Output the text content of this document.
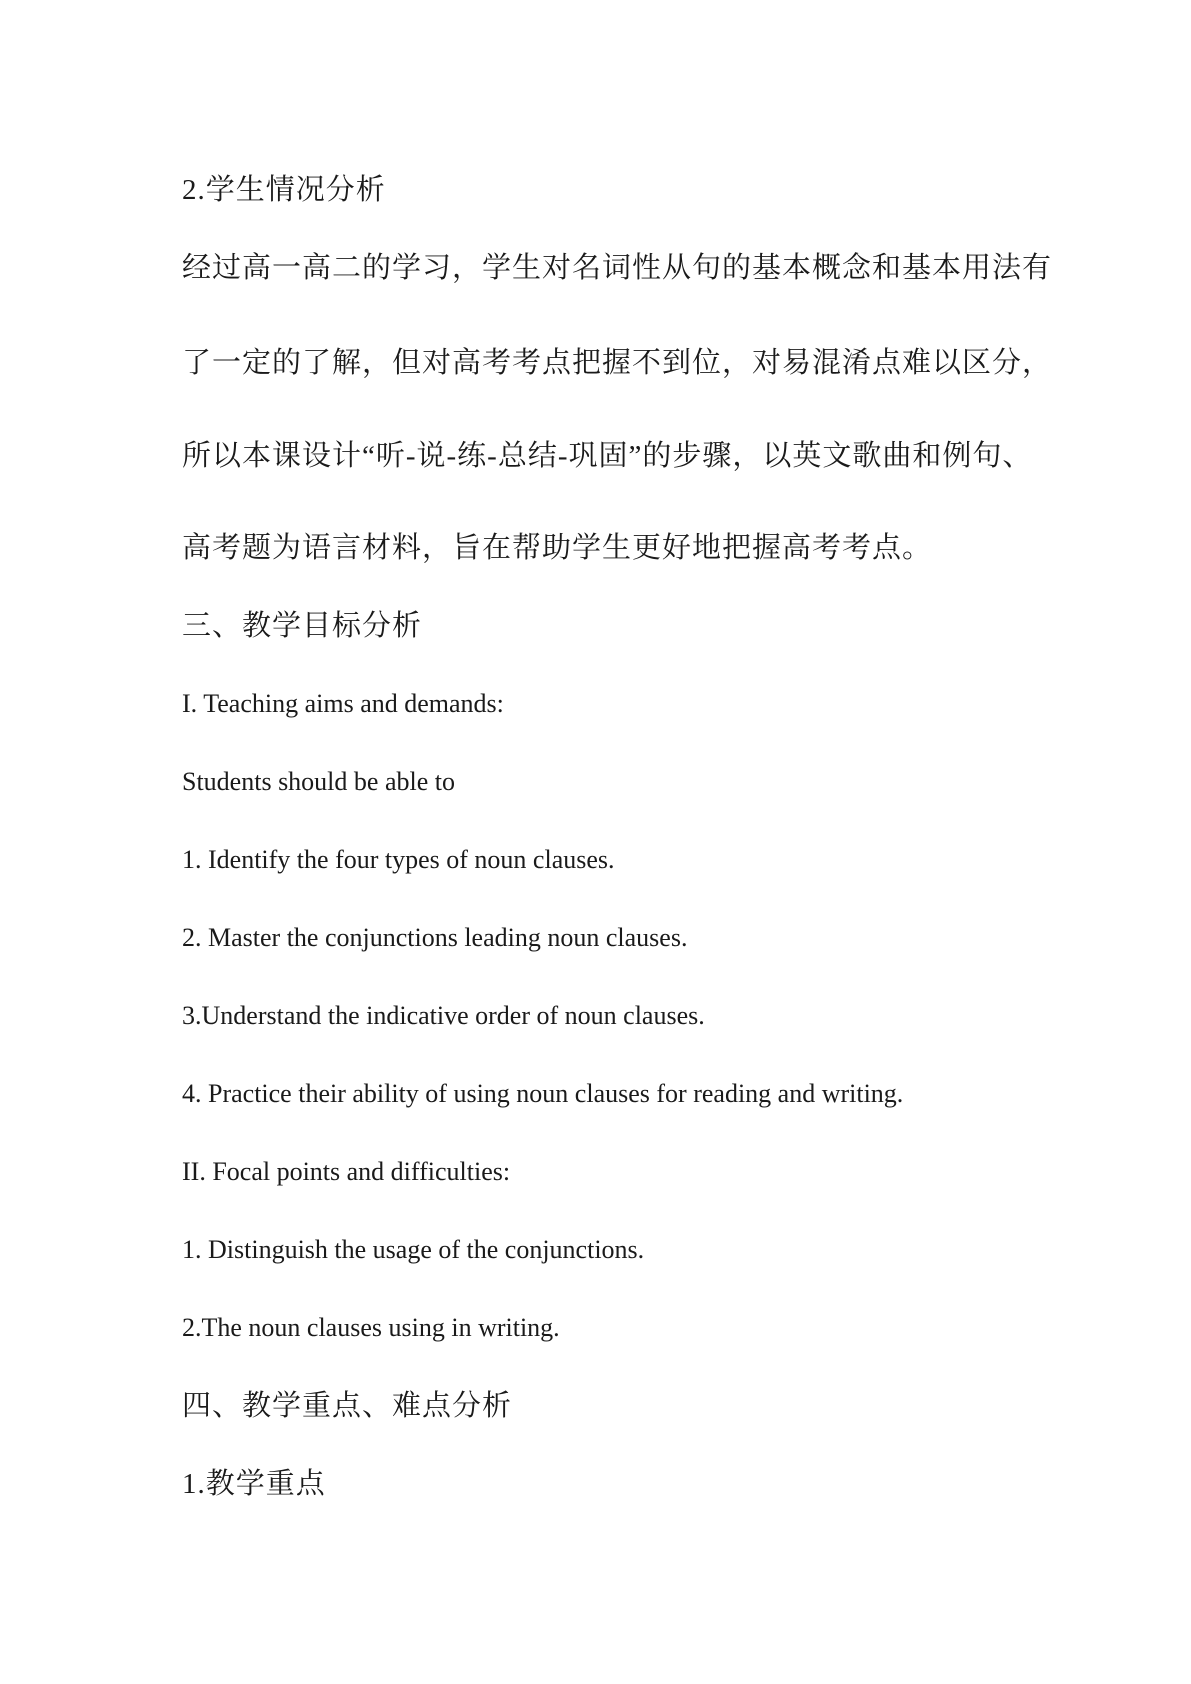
2.学生情况分析

经过高一高二的学习，学生对名词性从句的基本概念和基本用法有

了一定的了解，但对高考考点把握不到位，对易混淆点难以区分，

所以本课设计“听-说-练-总结-巩固”的步骤，以英文歌曲和例句、

高考题为语言材料，旨在帮助学生更好地把握高考考点。

三、教学目标分析

I. Teaching aims and demands:

Students should be able to

1. Identify the four types of noun clauses.

2. Master the conjunctions leading noun clauses.

3.Understand the indicative order of noun clauses.

4. Practice their ability of using noun clauses for reading and writing.

II. Focal points and difficulties:

1. Distinguish the usage of the conjunctions.

2.The noun clauses using in writing.

四、教学重点、难点分析

1.教学重点
